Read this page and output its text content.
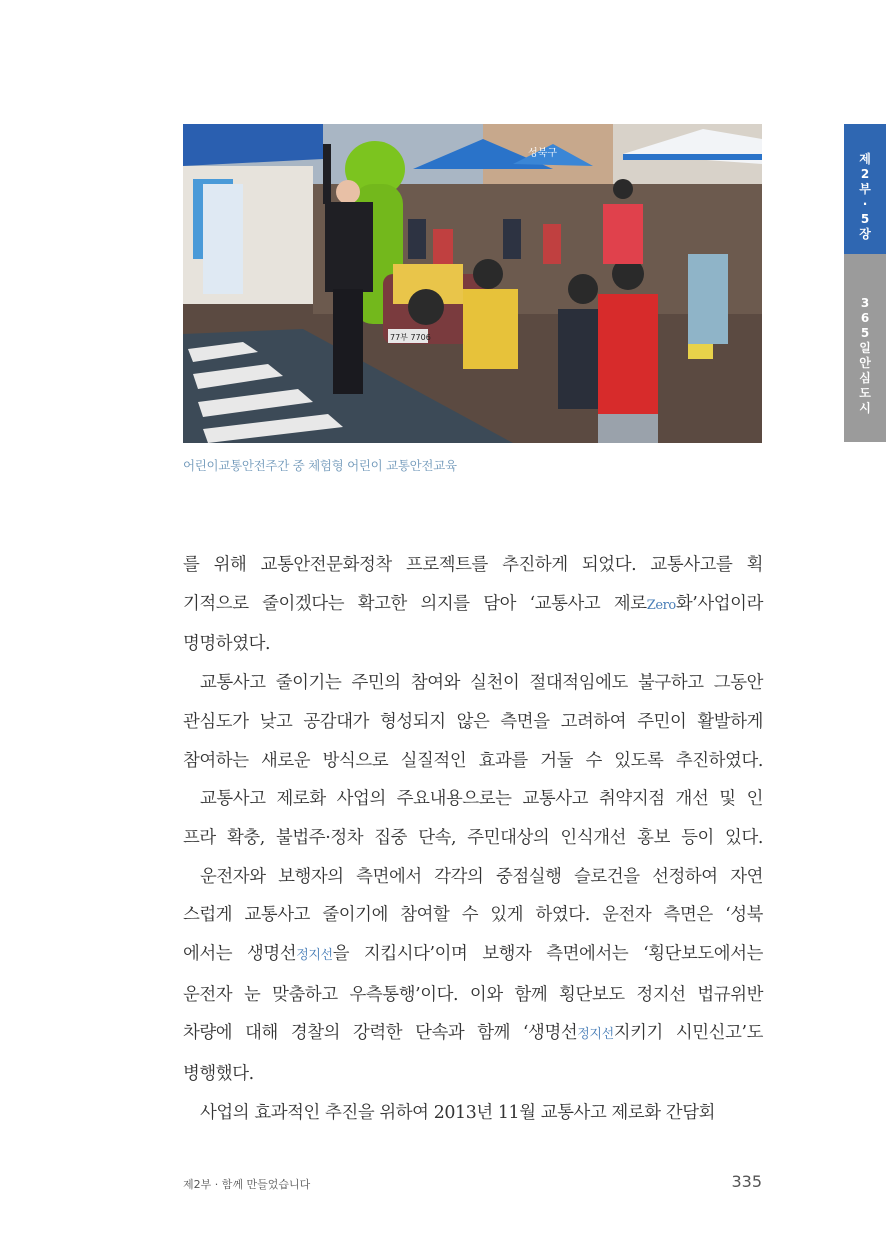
77부 7706
성북구
어린이교통안전주간 중 체험형 어린이 교통안전교육
제
2
부
·
5
장
3
6
5
일
안
심
도
시

를 위해 교통안전문화정착 프로젝트를 추진하게 되었다. 교통사고를 획

기적으로 줄이겠다는 확고한 의지를 담아 ‘교통사고 제로Zero화’사업이라

명명하였다.

교통사고 줄이기는 주민의 참여와 실천이 절대적임에도 불구하고 그동안

관심도가 낮고 공감대가 형성되지 않은 측면을 고려하여 주민이 활발하게

참여하는 새로운 방식으로 실질적인 효과를 거둘 수 있도록 추진하였다.

교통사고 제로화 사업의 주요내용으로는 교통사고 취약지점 개선 및 인

프라 확충, 불법주·정차 집중 단속, 주민대상의 인식개선 홍보 등이 있다.

운전자와 보행자의 측면에서 각각의 중점실행 슬로건을 선정하여 자연

스럽게 교통사고 줄이기에 참여할 수 있게 하였다. 운전자 측면은 ‘성북

에서는 생명선정지선을 지킵시다’이며 보행자 측면에서는 ‘횡단보도에서는

운전자 눈 맞춤하고 우측통행’이다. 이와 함께 횡단보도 정지선 법규위반

차량에 대해 경찰의 강력한 단속과 함께 ‘생명선정지선지키기 시민신고’도

병행했다.

사업의 효과적인 추진을 위하여 2013년 11월 교통사고 제로화 간담회

제2부 · 함께 만들었습니다	335
